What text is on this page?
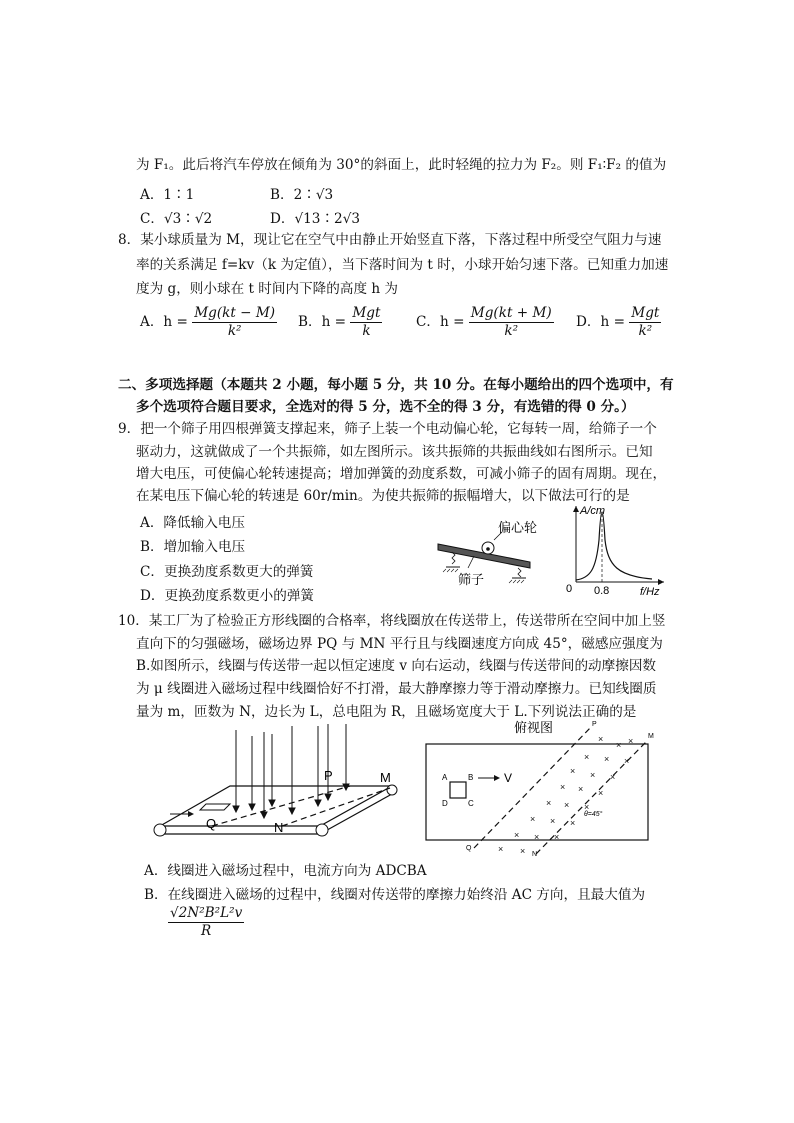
为 F₁。此后将汽车停放在倾角为 30°的斜面上，此时轻绳的拉力为 F₂。则 F₁∶F₂ 的值为
A．1∶1	B．2∶√3
C．√3∶√2	D．√13∶2√3
8．某小球质量为 M，现让它在空气中由静止开始竖直下落，下落过程中所受空气阻力与速
率的关系满足 f=kv（k 为定值），当下落时间为 t 时，小球开始匀速下落。已知重力加速
度为 g，则小球在 t 时间内下降的高度 h 为
A．$h = \frac{Mg(kt - M)}{\text{k²}}$ B．$h = \frac{\text{Mgt}}{k}$ C．$h = \frac{Mg(kt + M)}{\text{k²}}$ D．$h = \frac{\text{Mgt}}{\text{k²}}$
二、多项选择题（本题共 2 小题，每小题 5 分，共 10 分。在每小题给出的四个选项中，有
多个选项符合题目要求，全选对的得 5 分，选不全的得 3 分，有选错的得 0 分。）
9．把一个筛子用四根弹簧支撑起来，筛子上装一个电动偏心轮，它每转一周，给筛子一个
驱动力，这就做成了一个共振筛，如左图所示。该共振筛的共振曲线如右图所示。已知
增大电压，可使偏心轮转速提高；增加弹簧的劲度系数，可减小筛子的固有周期。现在，
在某电压下偏心轮的转速是 60r/min。为使共振筛的振幅增大，以下做法可行的是
A．降低输入电压
B．增加输入电压
C．更换劲度系数更大的弹簧
D．更换劲度系数更小的弹簧
偏心轮
筛子
A/cm
f/Hz
0 0.8
10．某工厂为了检验正方形线圈的合格率，将线圈放在传送带上，传送带所在空间中加上竖
直向下的匀强磁场，磁场边界 PQ 与 MN 平行且与线圈速度方向成 45°，磁感应强度为
B.如图所示，线圈与传送带一起以恒定速度 v 向右运动，线圈与传送带间的动摩擦因数
为 μ 线圈进入磁场过程中线圈恰好不打滑，最大静摩擦力等于滑动摩擦力。已知线圈质
量为 m，匝数为 N，边长为 L，总电阻为 R，且磁场宽度大于 L.下列说法正确的是
P	M
Q	N
俯视图
A	B
C
D
V
P
M
Q
N
θ=45°
×
× ×
× × ×
× × ×
× × ×
× × ×
× × ×
× × ×
× ×
A．线圈进入磁场过程中，电流方向为 ADCBA
B．在线圈进入磁场的过程中，线圈对传送带的摩擦力始终沿 AC 方向，且最大值为
$\frac{\text{√2N²B²L²v}}{R}$
